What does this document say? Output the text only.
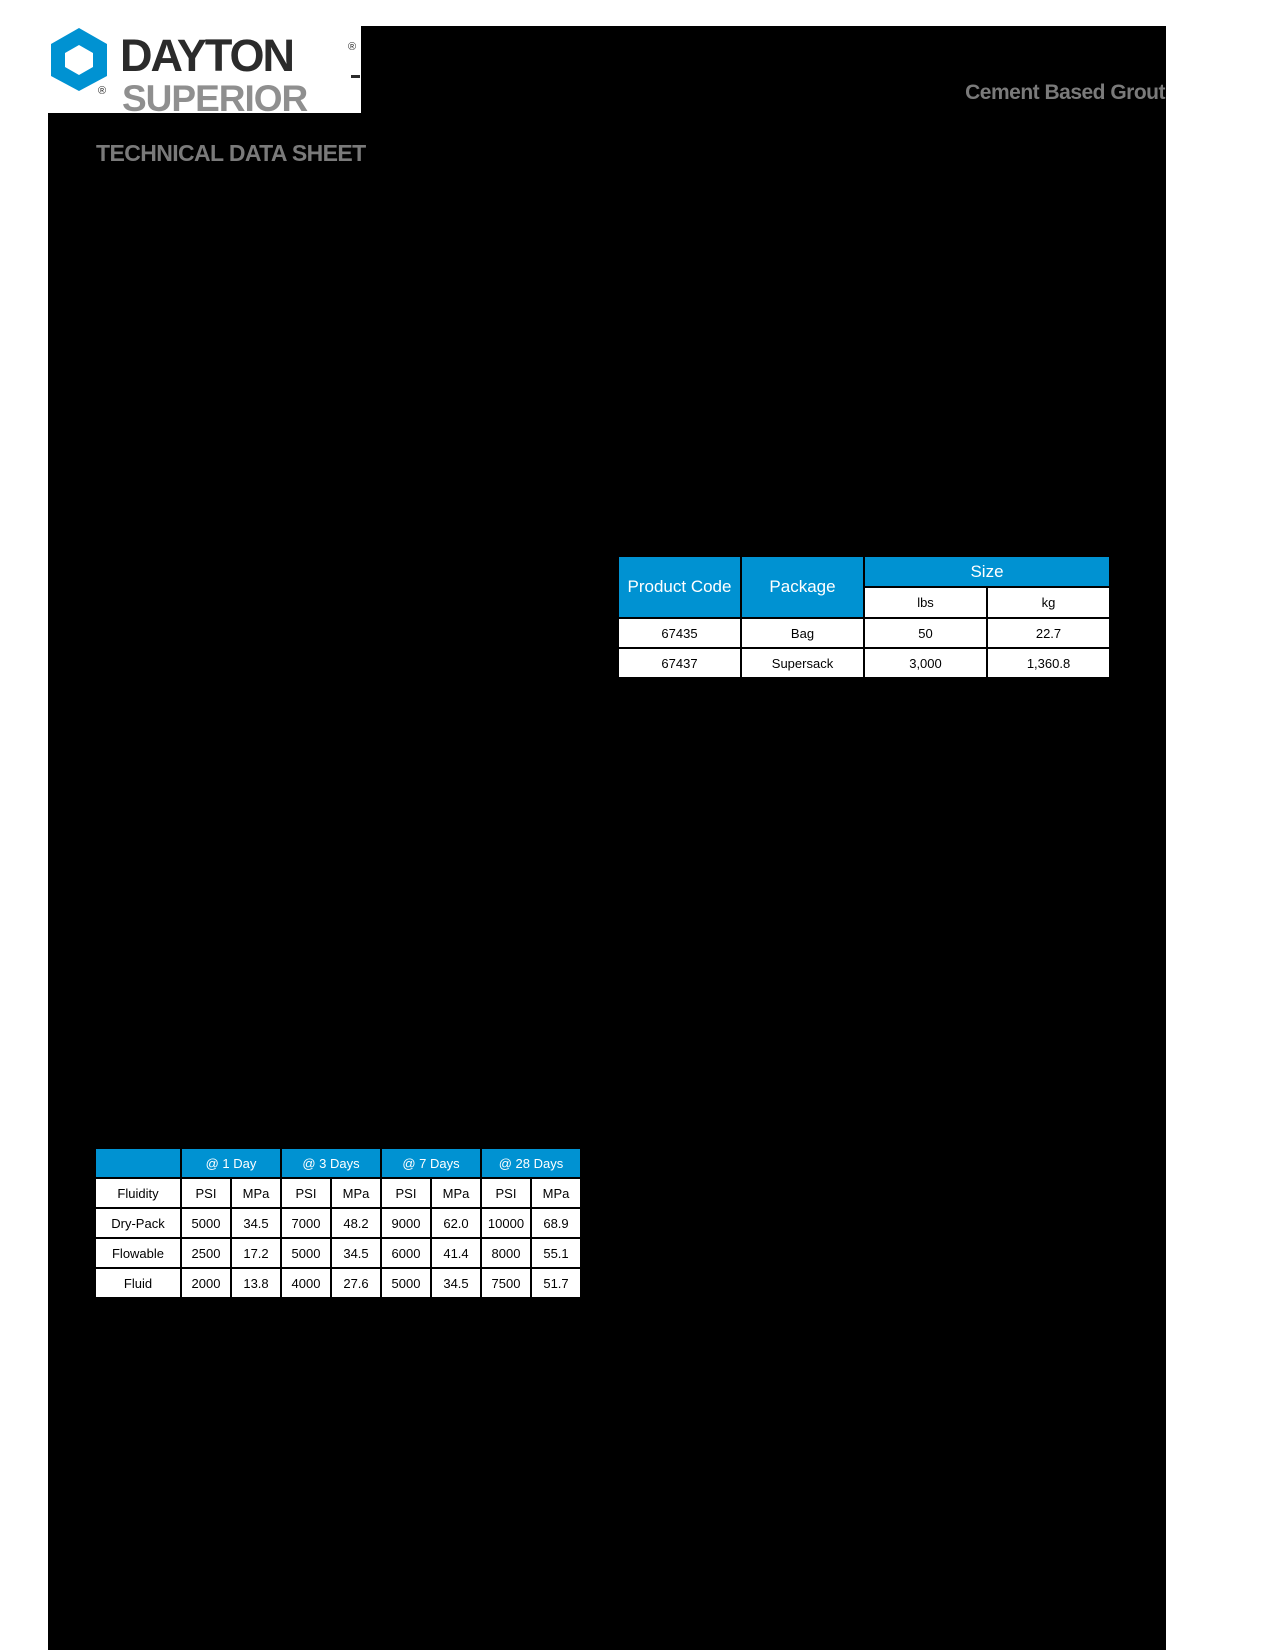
DAYTON	®
® SUPERIOR	Cement Based Grout
TECHNICAL DATA SHEET
Product Code	Package	Size	
		lbs	kg
67435	Bag	50	22.7
67437	Supersack	3,000	1,360.8
	@ 1 Day		@ 3 Days		@ 7 Days		@ 28 Days	
Fluidity	PSI	MPa	PSI	MPa	PSI	MPa	PSI	MPa
Dry-Pack	5000	34.5	7000	48.2	9000	62.0	10000	68.9
Flowable	2500	17.2	5000	34.5	6000	41.4	8000	55.1
Fluid	2000	13.8	4000	27.6	5000	34.5	7500	51.7
